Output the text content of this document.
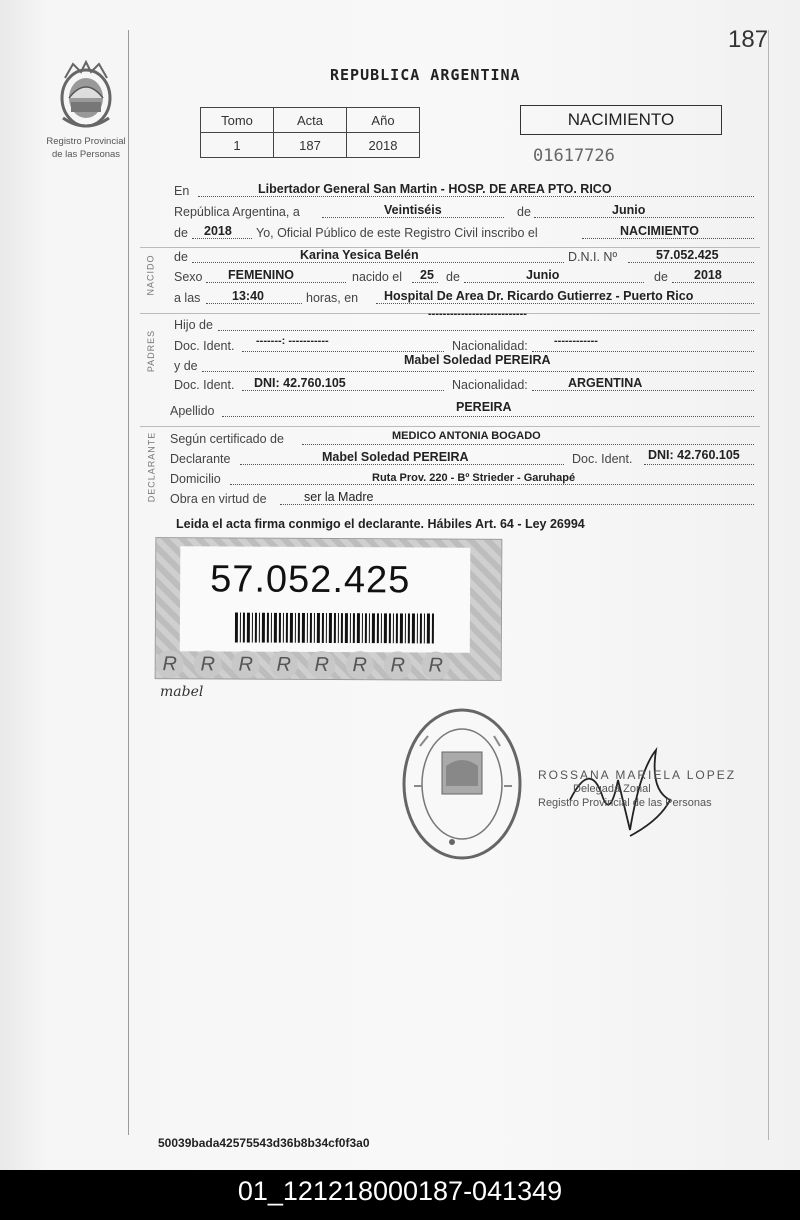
187
Registro Provincial
de las Personas
REPUBLICA ARGENTINA
Tomo	Acta	Año
1	187	2018
NACIMIENTO
01617726
En	Libertador General San Martin - HOSP. DE AREA PTO. RICO
República Argentina, a	Veintiséis	de	Junio
de 2018 Yo, Oficial Público de este Registro Civil inscribo el	NACIMIENTO
NACIDO de	Karina Yesica Belén	D.N.I. Nº	57.052.425
Sexo FEMENINO	nacido el 25 de	Junio	de 2018
a las	13:40	horas, en Hospital De Area Dr. Ricardo Gutierrez - Puerto Rico
PADRES
Hijo de
---------------------------
Doc. Ident. -------: -----------	Nacionalidad: ------------
y de	Mabel Soledad PEREIRA
Doc. Ident. DNI: 42.760.105	Nacionalidad:	ARGENTINA
Apellido	PEREIRA
DECLARANTE Según certificado de	MEDICO ANTONIA BOGADO
Declarante	Mabel Soledad PEREIRA	Doc. Ident. DNI: 42.760.105
Domicilio	Ruta Prov. 220 - Bº Strieder - Garuhapé
Obra en virtud de	ser la Madre
Leida el acta firma conmigo el declarante. Hábiles Art. 64 - Ley 26994
57.052.425
R R R R R R R R
mabel
ROSSANA MARIELA LOPEZ
Delegada Zonal
Registro Provincial de las Personas
50039bada42575543d36b8b34cf0f3a0
01_121218000187-041349
